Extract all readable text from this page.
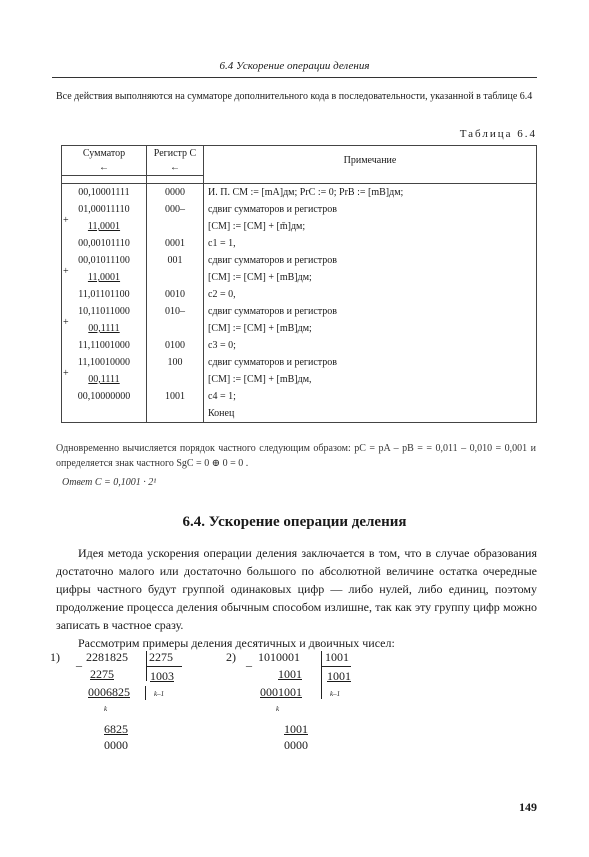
6.4 Ускорение операции деления
Все действия выполняются на сумматоре дополнительного кода в последовательности, указанной в таблице 6.4
Таблица 6.4
Сумматор	Регистр С	Примечание
←	←	

00,10001111	0000	И. П. СМ := [mA]дм; PrC := 0; PrB := [mB]дм;
01,00011110	000–	сдвиг сумматоров и регистров

+
11,0001		[CM] := [CM] + [m̄]дм;
00,00101110	0001	c1 = 1,
00,01011100	001	сдвиг сумматоров и регистров

+
11,0001		[CM] := [CM] + [mB]дм;
11,01101100	0010	c2 = 0,
10,11011000	010–	сдвиг сумматоров и регистров

+
00,1111		[CM] := [CM] + [mB]дм;
11,11001000	0100	c3 = 0;
11,10010000	100	сдвиг сумматоров и регистров

+
00,1111		[CM] := [CM] + [mB]дм,
00,10000000	1001	c4 = 1;
		Конец
Одновременно вычисляется порядок частного следующим образом: pC = pA – pB = = 0,011 – 0,010 = 0,001 и определяется знак частного SgC = 0 ⊕ 0 = 0 .
Ответ C = 0,1001 · 2¹
6.4. Ускорение операции деления

Идея метода ускорения операции деления заключается в том, что в случае образования достаточно малого или достаточно большого по абсолютной величине остатка очередные цифры частного будут группой одинаковых цифр — либо нулей, либо единиц, поэтому продолжение процесса деления обычным способом излишне, так как эту группу цифр можно записать в частное сразу.

Рассмотрим примеры деления десятичных и двоичных чисел:

1) _ 2281825 2275
2275	1003
0006825
k
k–1
6825
0000
2) _ 1010001 1001
1001 1001
0001001
k
k–1
1001
0000
149
